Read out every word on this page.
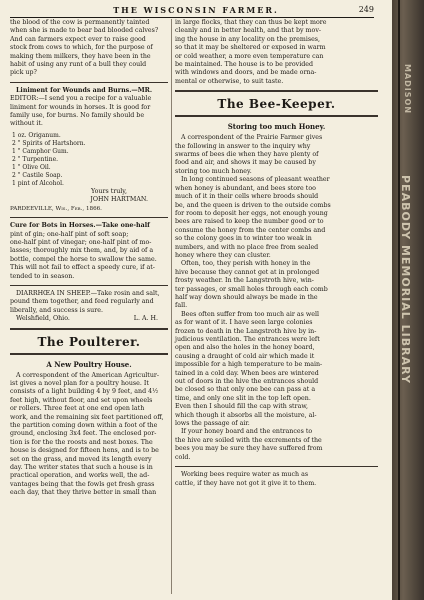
THE WISCONSIN FARMER.	249
the blood of the cow is permanently tainted
when she is made to bear bad blooded calves?
And can farmers expect ever to raise good
stock from cows to which, for the purpose of
making them milkers, they have been in the
habit of using any runt of a bull they could
pick up?
Liniment for Wounds and Burns.—MR.
EDITOR:—I send you a recipe for a valuable
liniment for wounds in horses. It is good for
family use, for burns. No family should be
without it.
1 oz. Origanum.
2 " Spirits of Hartshorn.
1 " Camphor Gum.
2 " Turpentine.
1 " Olive Oil.
2 " Castile Soap.
1 pint of Alcohol.
Yours truly,
JOHN HARTMAN.
PARDEEVILLE, Wis., Feb., 1866.
Cure for Bots in Horses.—Take one-half
pint of gin; one-half pint of soft soap;
one-half pint of vinegar; one-half pint of mo-
lasses; thoroughly mix them, and, by aid of a
bottle, compel the horse to swallow the same.
This will not fail to effect a speedy cure, if at-
tended to in season.
DIARRHŒA IN SHEEP.—Take rosin and salt,
pound them together, and feed regularly and
liberally, and success is sure.
Welshfield, Ohio.	L. A. H.
The Poulterer.
A New Poultry House.
A correspondent of the American Agricultur-
ist gives a novel plan for a poultry house. It
consists of a light building 4 by 9 feet, and 4½
feet high, without floor, and set upon wheels
or rollers. Three feet at one end open lath
work, and the remaining six feet partitioned off,
the partition coming down within a foot of the
ground, enclosing 3x4 feet. The enclosed por-
tion is for the the roosts and nest boxes. The
house is designed for fifteen hens, and is to be
set on the grass, and moved its length every
day. The writer states that such a house is in
practical operation, and works well, the ad-
vantages being that the fowls get fresh grass
each day, that they thrive better in small than
in large flocks, that they can thus be kept more
cleanly and in better health, and that by mov-
ing the house in any locality on the premises,
so that it may be sheltered or exposed in warm
or cold weather, a more even temperature can
be maintained. The house is to be provided
with windows and doors, and be made orna-
mental or otherwise, to suit taste.
The Bee-Keeper.
Storing too much Honey.
A correspondent of the Prairie Farmer gives
the following in answer to the inquiry why
swarms of bees die when they have plenty of
food and air, and shows it may be caused by
storing too much honey.
In long continued seasons of pleasant weather
when honey is abundant, and bees store too
much of it in their cells where broods should
be, and the queen is driven to the outside combs
for room to deposit her eggs, not enough young
bees are raised to keep the number good or to
consume the honey from the center combs and
so the colony goes in to winter too weak in
numbers, and with no place free from sealed
honey where they can cluster.
Often, too, they perish with honey in the
hive because they cannot get at in prolonged
frosty weather. In the Langstroth hive, win-
ter passages, or small holes through each comb
half way down should always be made in the
fall.
Bees often suffer from too much air as well
as for want of it. I have seen large colonies
frozen to death in the Langstroth hive by in-
judicious ventilation. The entrances were left
open and also the holes in the honey board,
causing a draught of cold air which made it
impossible for a high temperature to be main-
tained in a cold day. When bees are wintered
out of doors in the hive the entrances should
be closed so that only one bee can pass at a
time, and only one slit in the top left open.
Even then I should fill the cap with straw,
which though it absorbs all the moisture, al-
lows the passage of air.
If your honey board and the entrances to
the hive are soiled with the excrements of the
bees you may be sure they have suffered from
cold.
Working bees require water as much as
cattle, if they have not got it give it to them.
MADISON
PEABODY MEMORIAL LIBRARY
